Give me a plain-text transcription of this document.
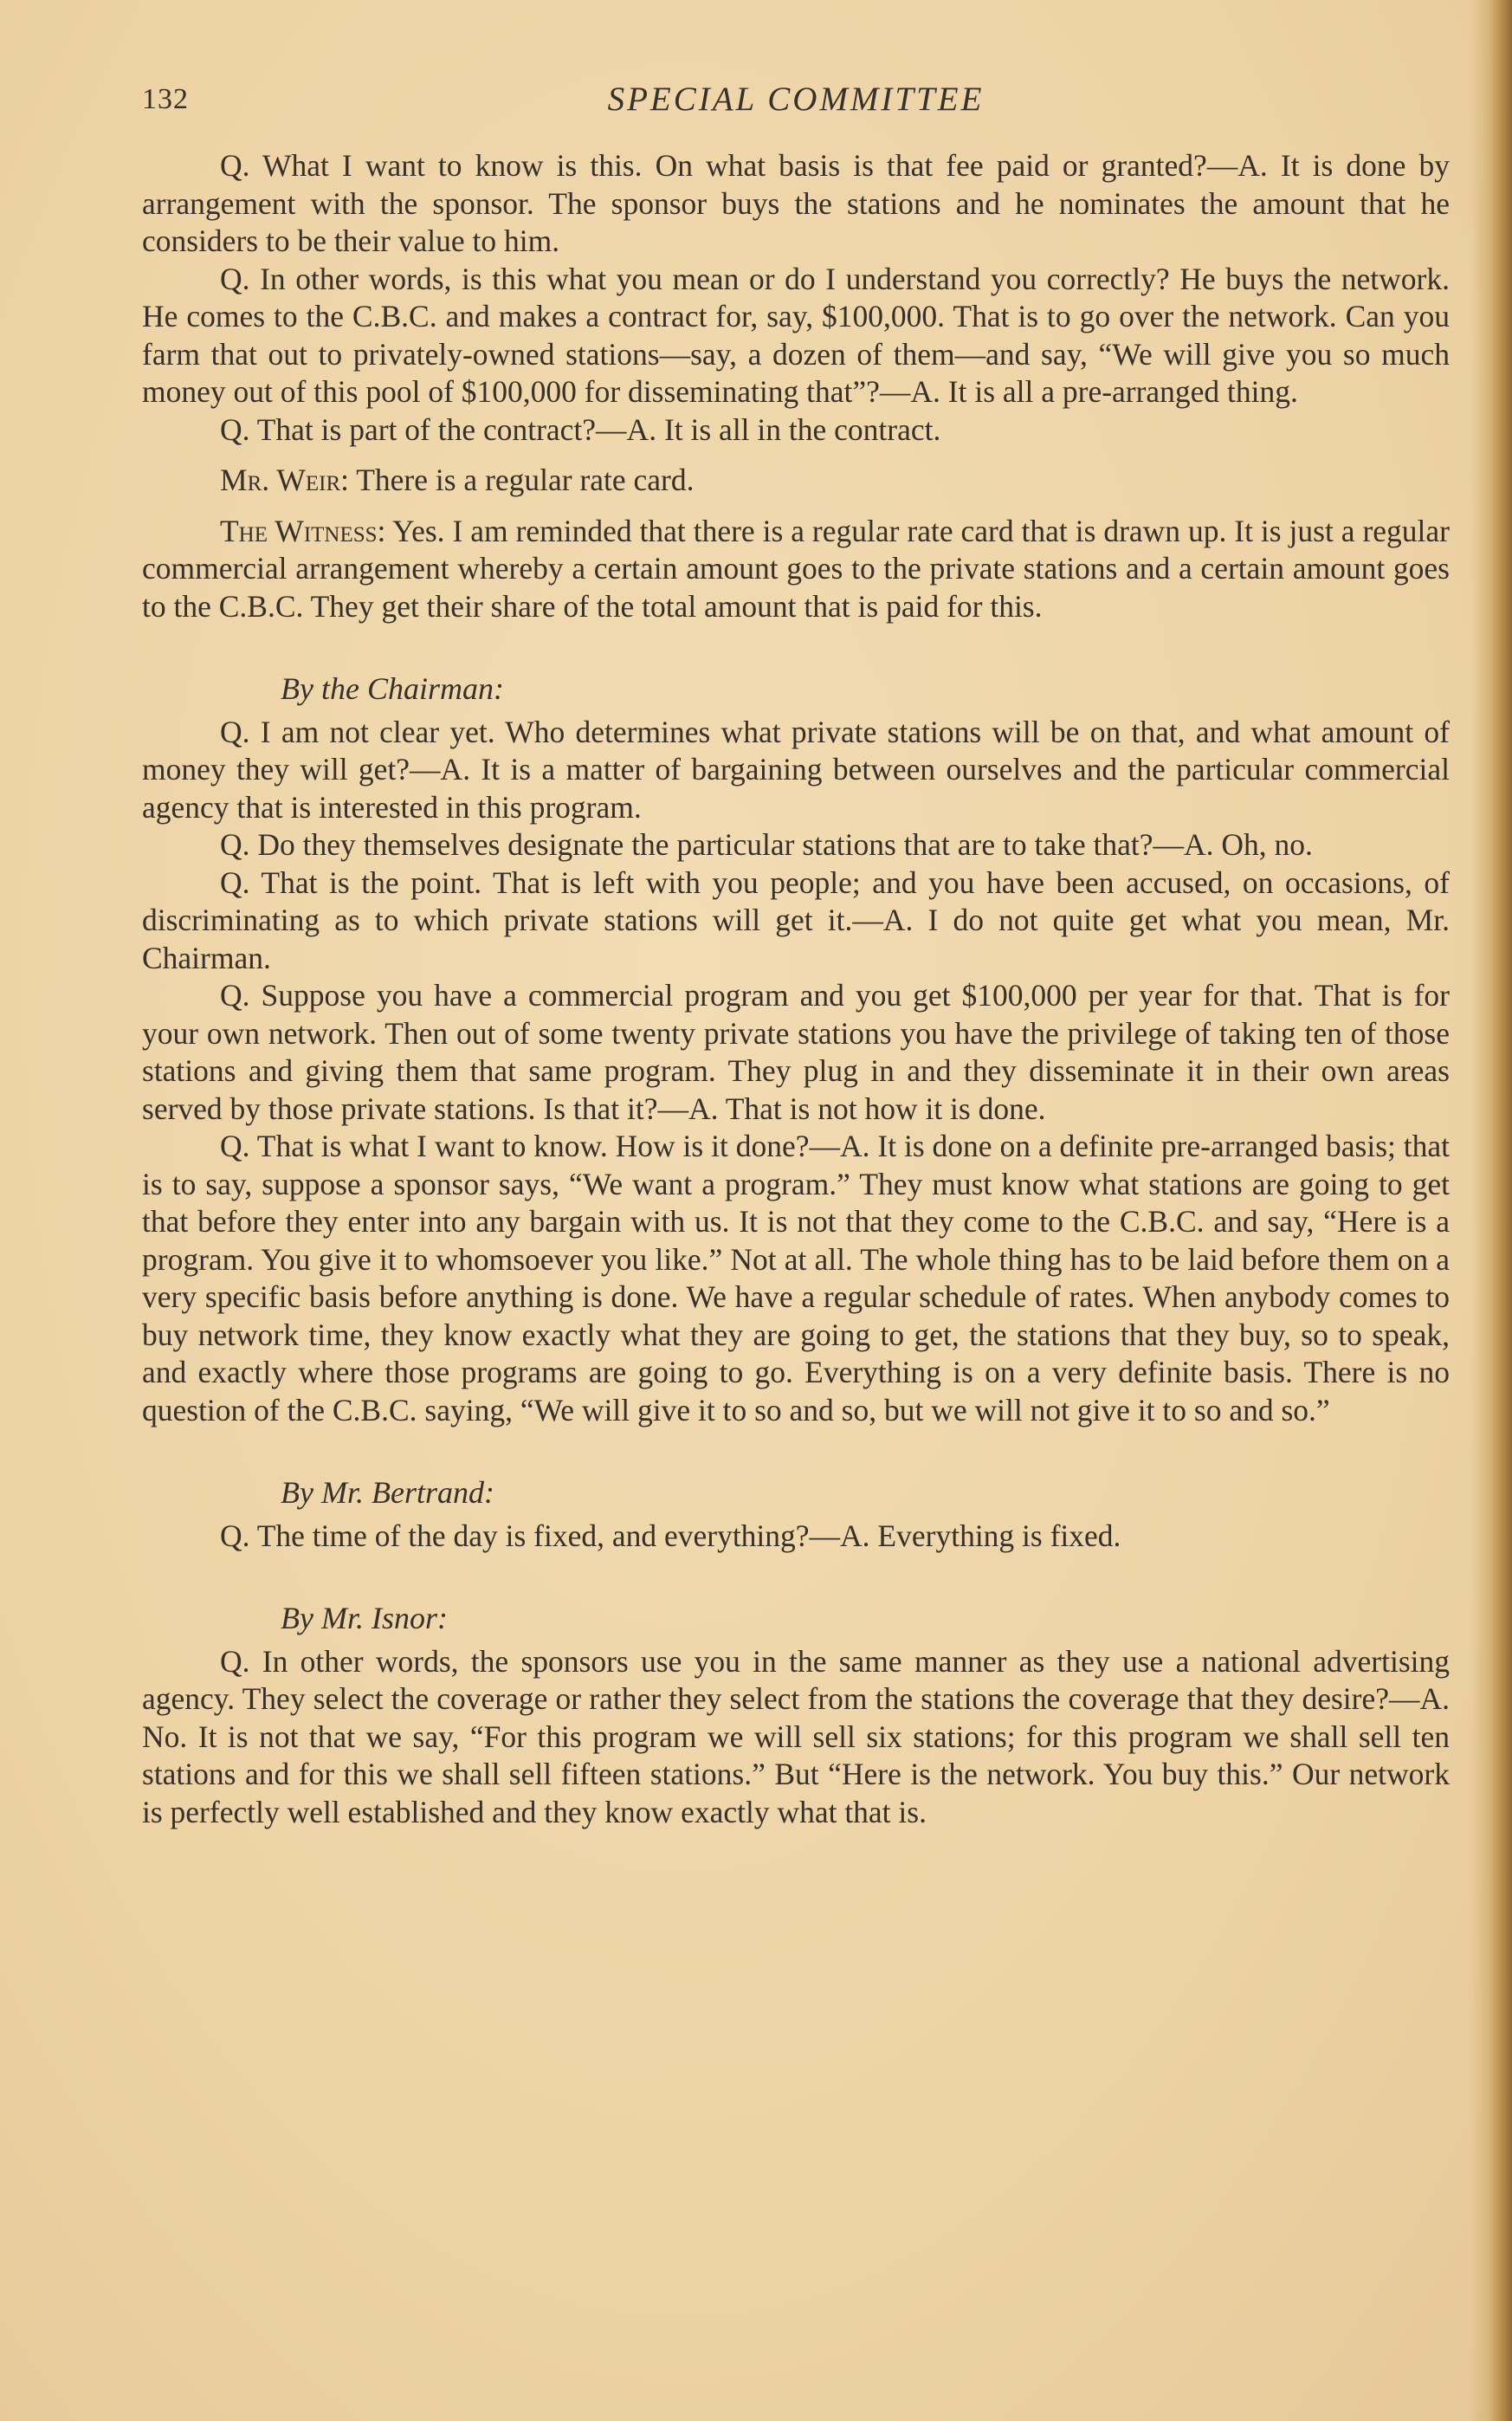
132	SPECIAL COMMITTEE

Q. What I want to know is this. On what basis is that fee paid or granted?—A. It is done by arrangement with the sponsor. The sponsor buys the stations and he nominates the amount that he considers to be their value to him.

Q. In other words, is this what you mean or do I understand you correctly? He buys the network. He comes to the C.B.C. and makes a contract for, say, $100,000. That is to go over the network. Can you farm that out to privately-owned stations—say, a dozen of them—and say, “We will give you so much money out of this pool of $100,000 for disseminating that”?—A. It is all a pre-arranged thing.

Q. That is part of the contract?—A. It is all in the contract.

Mr. Weir: There is a regular rate card.

The Witness: Yes. I am reminded that there is a regular rate card that is drawn up. It is just a regular commercial arrangement whereby a certain amount goes to the private stations and a certain amount goes to the C.B.C. They get their share of the total amount that is paid for this.

By the Chairman:

Q. I am not clear yet. Who determines what private stations will be on that, and what amount of money they will get?—A. It is a matter of bargaining between ourselves and the particular commercial agency that is interested in this program.

Q. Do they themselves designate the particular stations that are to take that?—A. Oh, no.

Q. That is the point. That is left with you people; and you have been accused, on occasions, of discriminating as to which private stations will get it.—A. I do not quite get what you mean, Mr. Chairman.

Q. Suppose you have a commercial program and you get $100,000 per year for that. That is for your own network. Then out of some twenty private stations you have the privilege of taking ten of those stations and giving them that same program. They plug in and they disseminate it in their own areas served by those private stations. Is that it?—A. That is not how it is done.

Q. That is what I want to know. How is it done?—A. It is done on a definite pre-arranged basis; that is to say, suppose a sponsor says, “We want a program.” They must know what stations are going to get that before they enter into any bargain with us. It is not that they come to the C.B.C. and say, “Here is a program. You give it to whomsoever you like.” Not at all. The whole thing has to be laid before them on a very specific basis before anything is done. We have a regular schedule of rates. When anybody comes to buy network time, they know exactly what they are going to get, the stations that they buy, so to speak, and exactly where those programs are going to go. Everything is on a very definite basis. There is no question of the C.B.C. saying, “We will give it to so and so, but we will not give it to so and so.”

By Mr. Bertrand:

Q. The time of the day is fixed, and everything?—A. Everything is fixed.

By Mr. Isnor:

Q. In other words, the sponsors use you in the same manner as they use a national advertising agency. They select the coverage or rather they select from the stations the coverage that they desire?—A. No. It is not that we say, “For this program we will sell six stations; for this program we shall sell ten stations and for this we shall sell fifteen stations.” But “Here is the network. You buy this.” Our network is perfectly well established and they know exactly what that is.
